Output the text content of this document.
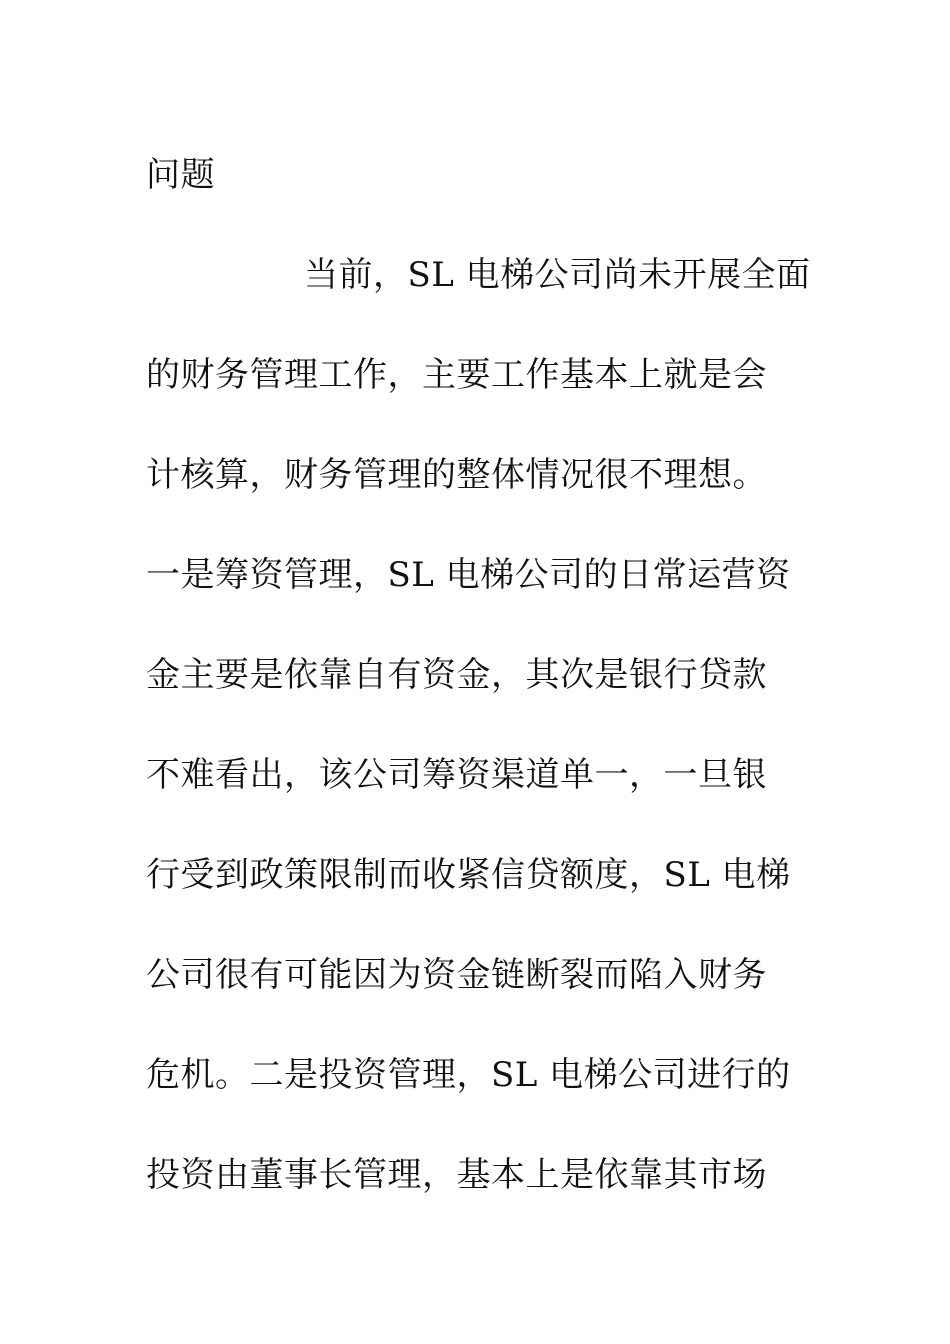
问题
当前，SL 电梯公司尚未开展全面
的财务管理工作，主要工作基本上就是会
计核算，财务管理的整体情况很不理想。
一是筹资管理，SL 电梯公司的日常运营资
金主要是依靠自有资金，其次是银行贷款
不难看出，该公司筹资渠道单一，一旦银
行受到政策限制而收紧信贷额度，SL 电梯
公司很有可能因为资金链断裂而陷入财务
危机。二是投资管理，SL 电梯公司进行的
投资由董事长管理，基本上是依靠其市场
